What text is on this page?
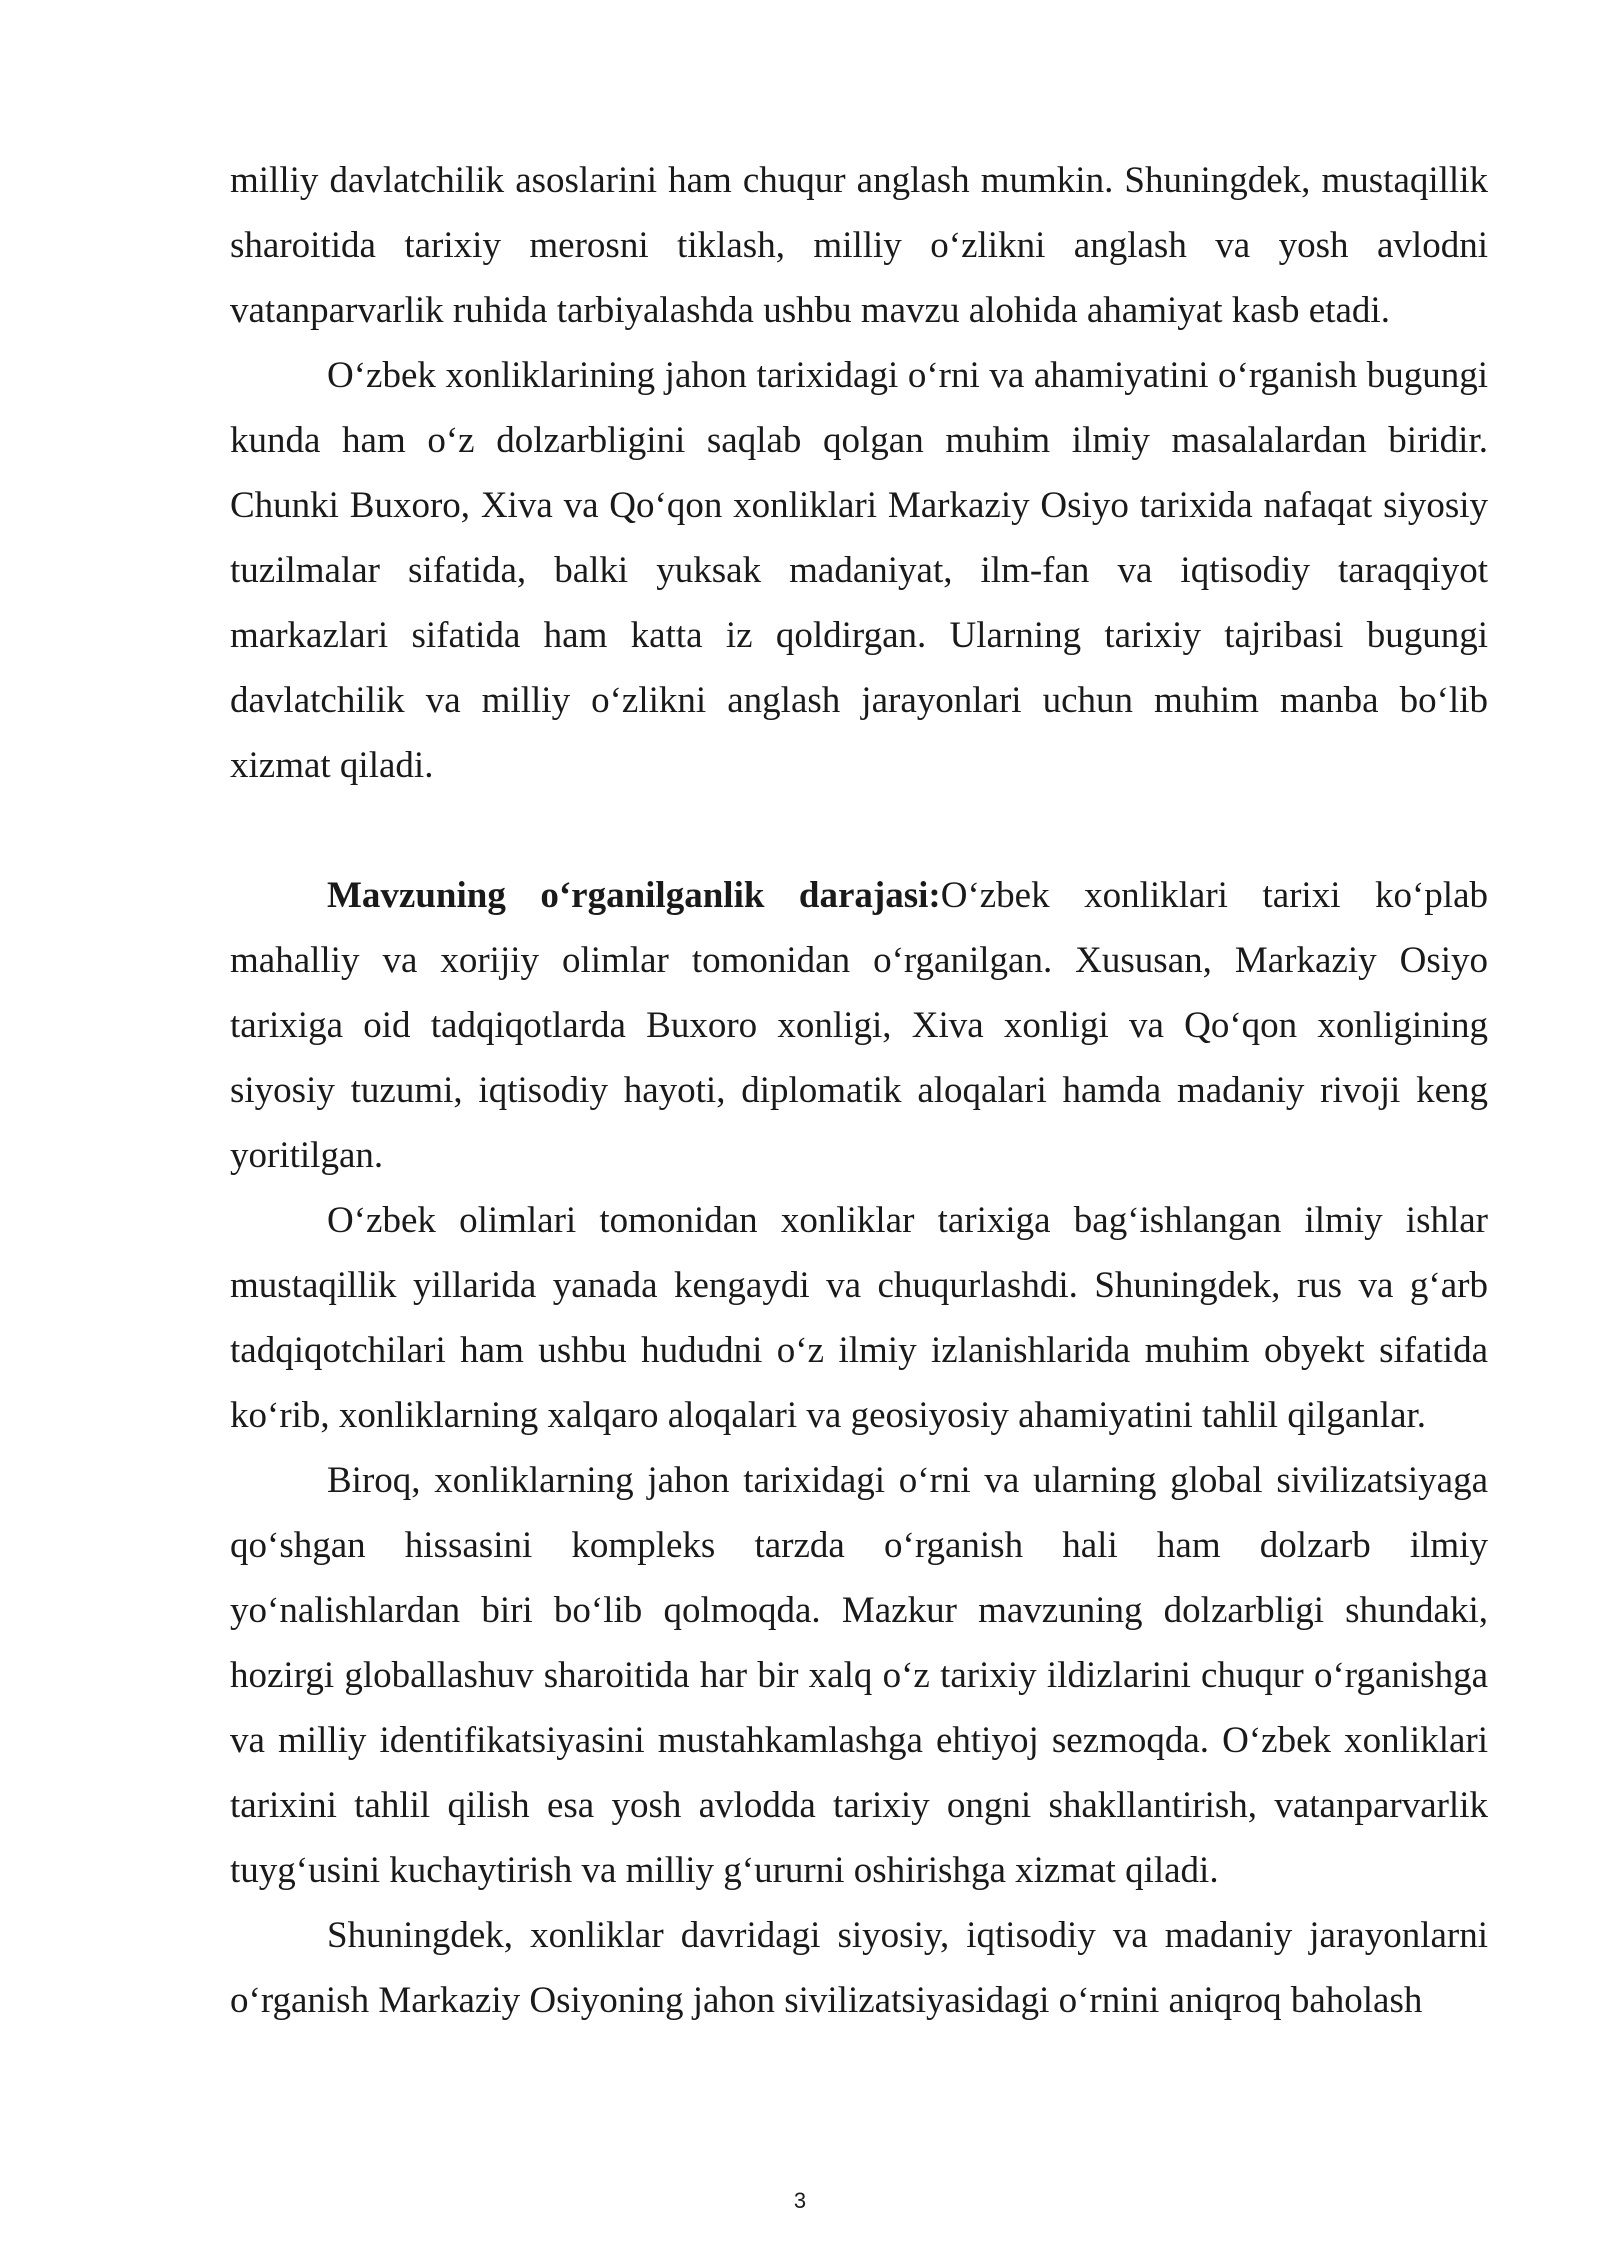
milliy davlatchilik asoslarini ham chuqur anglash mumkin. Shuningdek, mustaqillik sharoitida tarixiy merosni tiklash, milliy o‘zlikni anglash va yosh avlodni vatanparvarlik ruhida tarbiyalashda ushbu mavzu alohida ahamiyat kasb etadi.

O‘zbek xonliklarining jahon tarixidagi o‘rni va ahamiyatini o‘rganish bugungi kunda ham o‘z dolzarbligini saqlab qolgan muhim ilmiy masalalardan biridir. Chunki Buxoro, Xiva va Qo‘qon xonliklari Markaziy Osiyo tarixida nafaqat siyosiy tuzilmalar sifatida, balki yuksak madaniyat, ilm-fan va iqtisodiy taraqqiyot markazlari sifatida ham katta iz qoldirgan. Ularning tarixiy tajribasi bugungi davlatchilik va milliy o‘zlikni anglash jarayonlari uchun muhim manba bo‘lib xizmat qiladi.

Mavzuning o‘rganilganlik darajasi:O‘zbek xonliklari tarixi ko‘plab mahalliy va xorijiy olimlar tomonidan o‘rganilgan. Xususan, Markaziy Osiyo tarixiga oid tadqiqotlarda Buxoro xonligi, Xiva xonligi va Qo‘qon xonligining siyosiy tuzumi, iqtisodiy hayoti, diplomatik aloqalari hamda madaniy rivoji keng yoritilgan.

O‘zbek olimlari tomonidan xonliklar tarixiga bag‘ishlangan ilmiy ishlar mustaqillik yillarida yanada kengaydi va chuqurlashdi. Shuningdek, rus va g‘arb tadqiqotchilari ham ushbu hududni o‘z ilmiy izlanishlarida muhim obyekt sifatida ko‘rib, xonliklarning xalqaro aloqalari va geosiyosiy ahamiyatini tahlil qilganlar.

Biroq, xonliklarning jahon tarixidagi o‘rni va ularning global sivilizatsiyaga qo‘shgan hissasini kompleks tarzda o‘rganish hali ham dolzarb ilmiy yo‘nalishlardan biri bo‘lib qolmoqda. Mazkur mavzuning dolzarbligi shundaki, hozirgi globallashuv sharoitida har bir xalq o‘z tarixiy ildizlarini chuqur o‘rganishga va milliy identifikatsiyasini mustahkamlashga ehtiyoj sezmoqda. O‘zbek xonliklari tarixini tahlil qilish esa yosh avlodda tarixiy ongni shakllantirish, vatanparvarlik tuyg‘usini kuchaytirish va milliy g‘ururni oshirishga xizmat qiladi.

Shuningdek, xonliklar davridagi siyosiy, iqtisodiy va madaniy jarayonlarni o‘rganish Markaziy Osiyoning jahon sivilizatsiyasidagi o‘rnini aniqroq baholash

3
